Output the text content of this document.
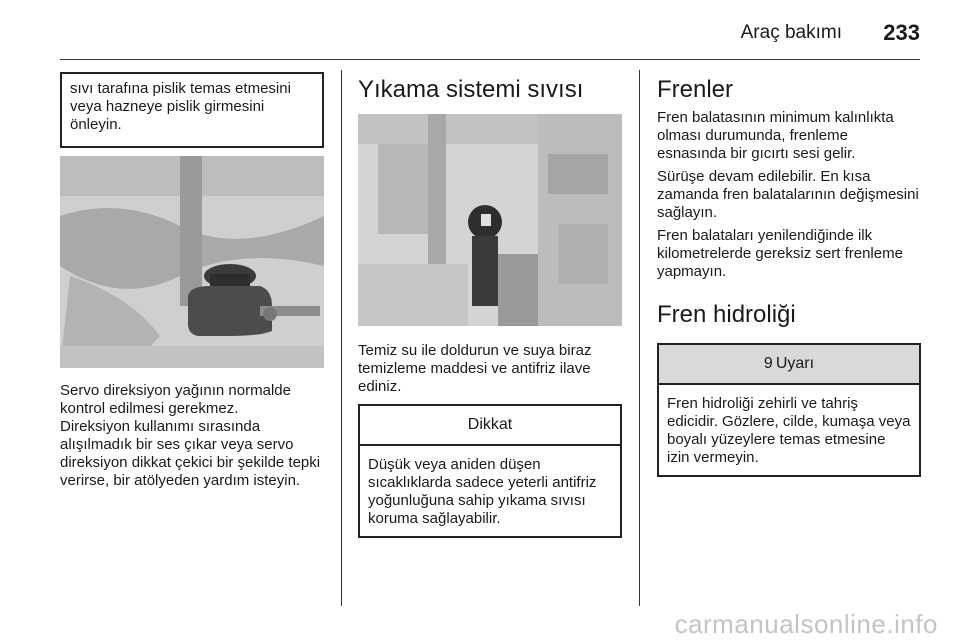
Araç bakımı 233

sıvı tarafına pislik temas etmesini veya hazneye pislik girmesini önleyin.

Servo direksiyon yağının normalde kontrol edilmesi gerekmez.

Direksiyon kullanımı sırasında alışılmadık bir ses çıkar veya servo direksiyon dikkat çekici bir şekilde tepki verirse, bir atölyeden yardım isteyin.

Yıkama sistemi sıvısı

Temiz su ile doldurun ve suya biraz temizleme maddesi ve antifriz ilave ediniz.

Dikkat

Düşük veya aniden düşen sıcaklıklarda sadece yeterli antifriz yoğunluğuna sahip yıkama sıvısı koruma sağlayabilir.

Frenler

Fren balatasının minimum kalınlıkta olması durumunda, frenleme esnasında bir gıcırtı sesi gelir.

Sürüşe devam edilebilir. En kısa zamanda fren balatalarının değişmesini sağlayın.

Fren balataları yenilendiğinde ilk kilometrelerde gereksiz sert frenleme yapmayın.

Fren hidroliği
9 Uyarı

Fren hidroliği zehirli ve tahriş edicidir. Gözlere, cilde, kumaşa veya boyalı yüzeylere temas etmesine izin vermeyin.

carmanualsonline.info
